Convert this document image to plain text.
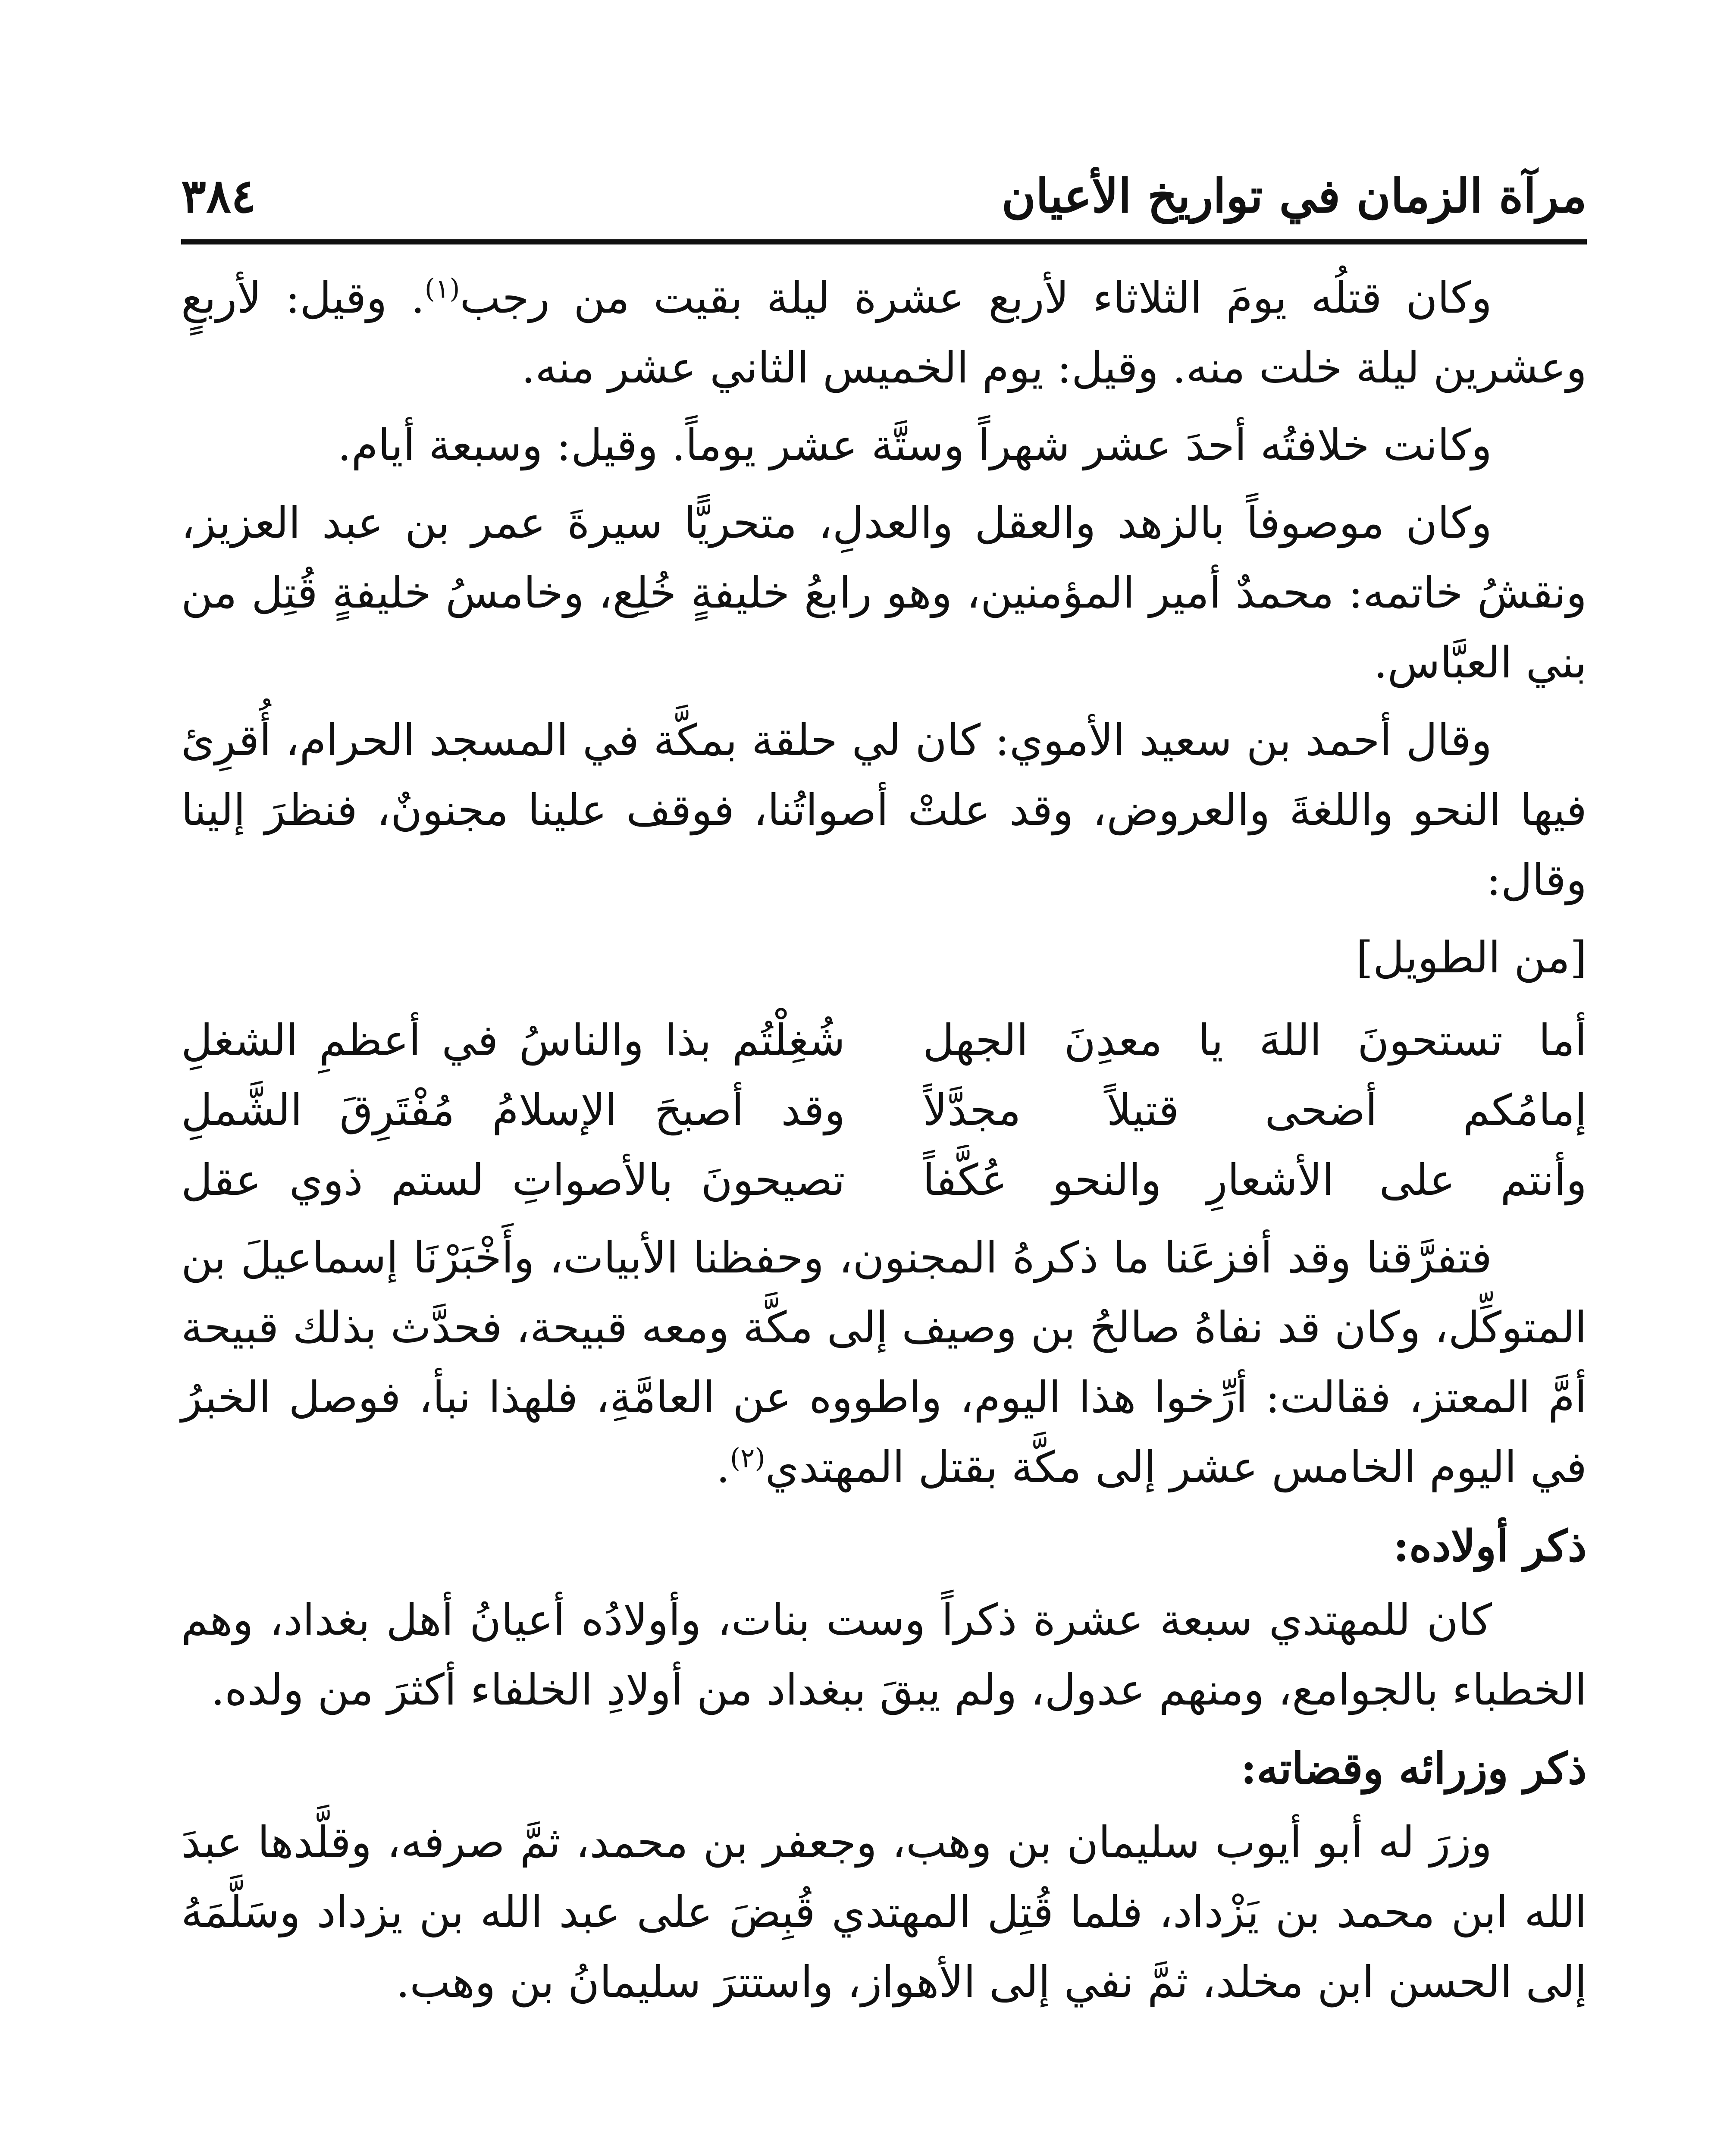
مرآة الزمان في تواريخ الأعيان
٣٨٤

وكان قتلُه يومَ الثلاثاء لأربع عشرة ليلة بقيت من رجب$^{(١)}$. وقيل: لأربعٍ وعشرين ليلة خلت منه. وقيل: يوم الخميس الثاني عشر منه.

وكانت خلافتُه أحدَ عشر شهراً وستَّة عشر يوماً. وقيل: وسبعة أيام.

وكان موصوفاً بالزهد والعقل والعدلِ، متحريًّا سيرةَ عمر بن عبد العزيز، ونقشُ خاتمه: محمدٌ أمير المؤمنين، وهو رابعُ خليفةٍ خُلِع، وخامسُ خليفةٍ قُتِل من بني العبَّاس.

وقال أحمد بن سعيد الأموي: كان لي حلقة بمكَّة في المسجد الحرام، أُقرِئ فيها النحو واللغةَ والعروض، وقد علتْ أصواتُنا، فوقف علينا مجنونٌ، فنظرَ إلينا وقال:

[من الطويل]

أما تستحونَ اللهَ يا معدِنَ الجهل
شُغِلْتُم بذا والناسُ في أعظمِ الشغلِ
إمامُكم أضحى قتيلاً مجدَّلاً
وقد أصبحَ الإسلامُ مُفْتَرِقَ الشَّملِ
وأنتم على الأشعارِ والنحو عُكَّفاً
تصيحونَ بالأصواتِ لستم ذوي عقل

فتفرَّقنا وقد أفزعَنا ما ذكرهُ المجنون، وحفظنا الأبيات، وأَخْبَرْنَا إسماعيلَ بن المتوكِّل، وكان قد نفاهُ صالحُ بن وصيف إلى مكَّة ومعه قبيحة، فحدَّث بذلك قبيحة أمَّ المعتز، فقالت: أرِّخوا هذا اليوم، واطووه عن العامَّةِ، فلهذا نبأ، فوصل الخبرُ في اليوم الخامس عشر إلى مكَّة بقتل المهتدي$^{(٢)}$.

ذكر أولاده:

كان للمهتدي سبعة عشرة ذكراً وست بنات، وأولادُه أعيانُ أهل بغداد، وهم الخطباء بالجوامع، ومنهم عدول، ولم يبقَ ببغداد من أولادِ الخلفاء أكثرَ من ولده.

ذكر وزرائه وقضاته:

وزرَ له أبو أيوب سليمان بن وهب، وجعفر بن محمد، ثمَّ صرفه، وقلَّدها عبدَ الله ابن محمد بن يَزْداد، فلما قُتِل المهتدي قُبِضَ على عبد الله بن يزداد وسَلَّمَهُ إلى الحسن ابن مخلد، ثمَّ نفي إلى الأهواز، واستترَ سليمانُ بن وهب.
